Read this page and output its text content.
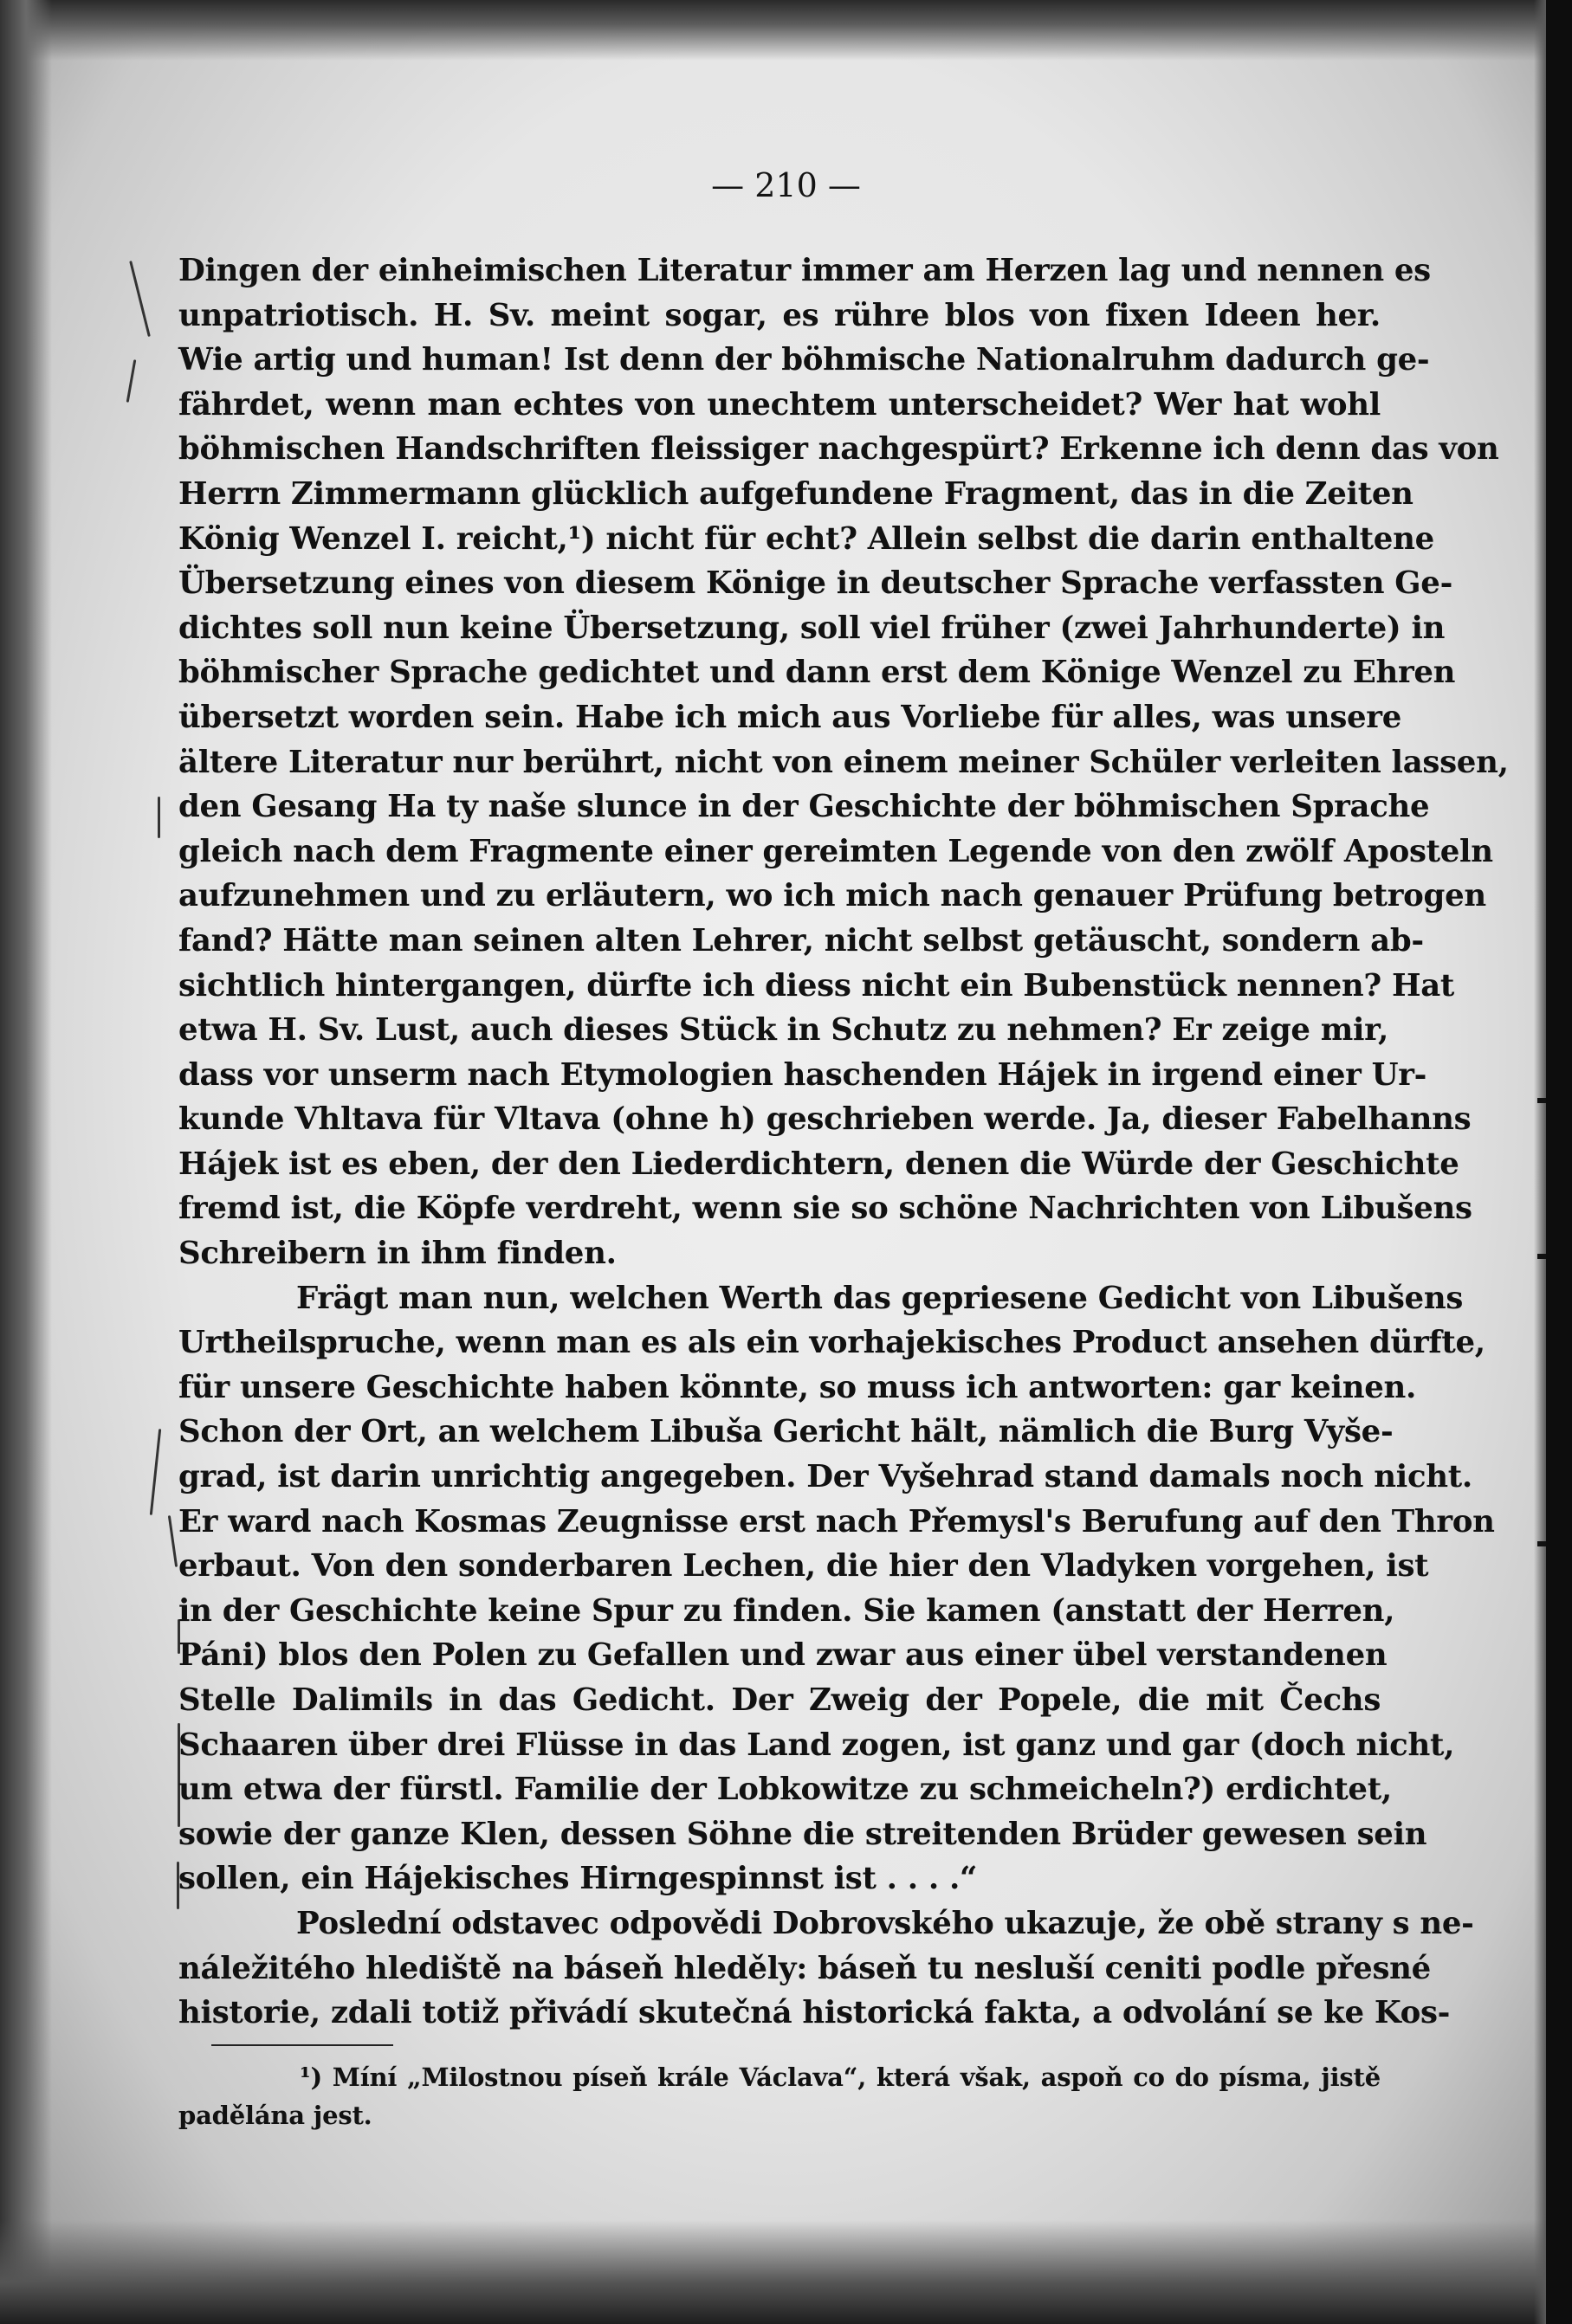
— 210 —
Dingen der einheimischen Literatur immer am Herzen lag und nennen es
unpatriotisch. H. Sv. meint sogar, es rühre blos von fixen Ideen her.
Wie artig und human! Ist denn der böhmische Nationalruhm dadurch ge-
fährdet, wenn man echtes von unechtem unterscheidet? Wer hat wohl
böhmischen Handschriften fleissiger nachgespürt? Erkenne ich denn das von
Herrn Zimmermann glücklich aufgefundene Fragment, das in die Zeiten
König Wenzel I. reicht,¹) nicht für echt? Allein selbst die darin enthaltene
Übersetzung eines von diesem Könige in deutscher Sprache verfassten Ge-
dichtes soll nun keine Übersetzung, soll viel früher (zwei Jahrhunderte) in
böhmischer Sprache gedichtet und dann erst dem Könige Wenzel zu Ehren
übersetzt worden sein. Habe ich mich aus Vorliebe für alles, was unsere
ältere Literatur nur berührt, nicht von einem meiner Schüler verleiten lassen,
den Gesang Ha ty naše slunce in der Geschichte der böhmischen Sprache
gleich nach dem Fragmente einer gereimten Legende von den zwölf Aposteln
aufzunehmen und zu erläutern, wo ich mich nach genauer Prüfung betrogen
fand? Hätte man seinen alten Lehrer, nicht selbst getäuscht, sondern ab-
sichtlich hintergangen, dürfte ich diess nicht ein Bubenstück nennen? Hat
etwa H. Sv. Lust, auch dieses Stück in Schutz zu nehmen? Er zeige mir,
dass vor unserm nach Etymologien haschenden Hájek in irgend einer Ur-
kunde Vhltava für Vltava (ohne h) geschrieben werde. Ja, dieser Fabelhanns
Hájek ist es eben, der den Liederdichtern, denen die Würde der Geschichte
fremd ist, die Köpfe verdreht, wenn sie so schöne Nachrichten von Libušens
Schreibern in ihm finden.
Frägt man nun, welchen Werth das gepriesene Gedicht von Libušens
Urtheilspruche, wenn man es als ein vorhajekisches Product ansehen dürfte,
für unsere Geschichte haben könnte, so muss ich antworten: gar keinen.
Schon der Ort, an welchem Libuša Gericht hält, nämlich die Burg Vyše-
grad, ist darin unrichtig angegeben. Der Vyšehrad stand damals noch nicht.
Er ward nach Kosmas Zeugnisse erst nach Přemysl's Berufung auf den Thron
erbaut. Von den sonderbaren Lechen, die hier den Vladyken vorgehen, ist
in der Geschichte keine Spur zu finden. Sie kamen (anstatt der Herren,
Páni) blos den Polen zu Gefallen und zwar aus einer übel verstandenen
Stelle Dalimils in das Gedicht. Der Zweig der Popele, die mit Čechs
Schaaren über drei Flüsse in das Land zogen, ist ganz und gar (doch nicht,
um etwa der fürstl. Familie der Lobkowitze zu schmeicheln?) erdichtet,
sowie der ganze Klen, dessen Söhne die streitenden Brüder gewesen sein
sollen, ein Hájekisches Hirngespinnst ist . . . .“
Poslední odstavec odpovědi Dobrovského ukazuje, že obě strany s ne-
náležitého hlediště na báseň hleděly: báseň tu nesluší ceniti podle přesné
historie, zdali totiž přivádí skutečná historická fakta, a odvolání se ke Kos-
¹) Míní „Milostnou píseň krále Václava“, která však, aspoň co do písma, jistě
padělána jest.
